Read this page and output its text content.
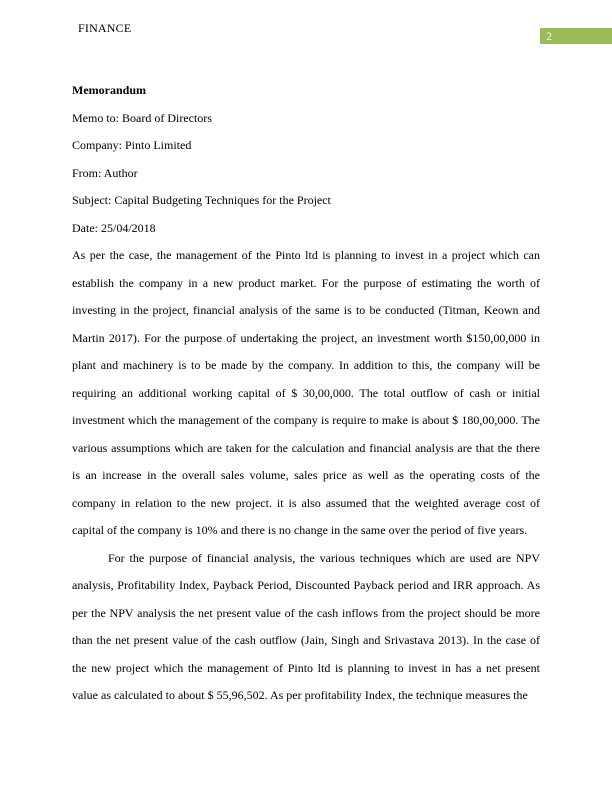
FINANCE
2

Memorandum

Memo to: Board of Directors

Company: Pinto Limited

From: Author

Subject: Capital Budgeting Techniques for the Project

Date: 25/04/2018

As per the case, the management of the Pinto ltd is planning to invest in a project which can establish the company in a new product market. For the purpose of estimating the worth of investing in the project, financial analysis of the same is to be conducted (Titman, Keown and Martin 2017). For the purpose of undertaking the project, an investment worth $150,00,000 in plant and machinery is to be made by the company. In addition to this, the company will be requiring an additional working capital of $ 30,00,000. The total outflow of cash or initial investment which the management of the company is require to make is about $ 180,00,000. The various assumptions which are taken for the calculation and financial analysis are that the there is an increase in the overall sales volume, sales price as well as the operating costs of the company in relation to the new project. it is also assumed that the weighted average cost of capital of the company is 10% and there is no change in the same over the period of five years.

For the purpose of financial analysis, the various techniques which are used are NPV analysis, Profitability Index, Payback Period, Discounted Payback period and IRR approach. As per the NPV analysis the net present value of the cash inflows from the project should be more than the net present value of the cash outflow (Jain, Singh and Srivastava 2013). In the case of the new project which the management of Pinto ltd is planning to invest in has a net present value as calculated to about $ 55,96,502. As per profitability Index, the technique measures the
